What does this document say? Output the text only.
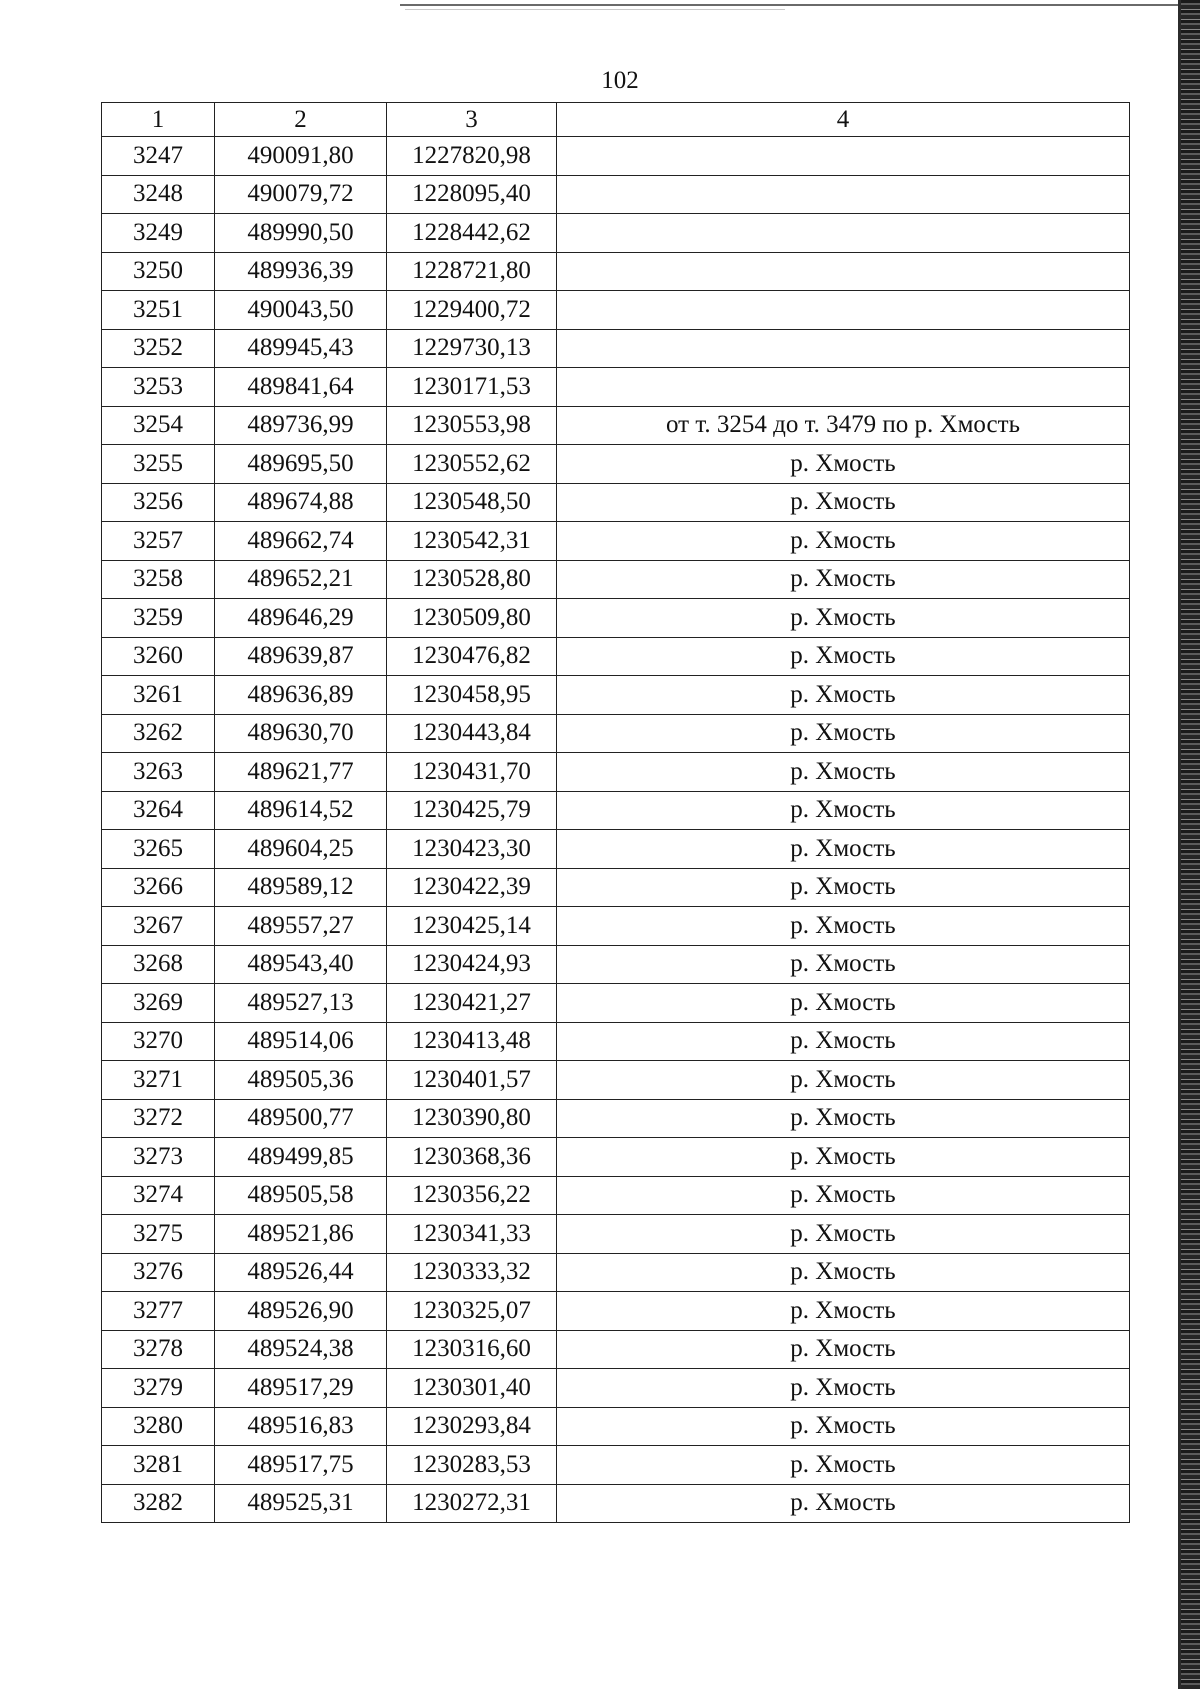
102
1	2	3	4
3247	490091,80	1227820,98	
3248	490079,72	1228095,40	
3249	489990,50	1228442,62	
3250	489936,39	1228721,80	
3251	490043,50	1229400,72	
3252	489945,43	1229730,13	
3253	489841,64	1230171,53	
3254	489736,99	1230553,98	от т. 3254 до т. 3479 по р. Хмость
3255	489695,50	1230552,62	р. Хмость
3256	489674,88	1230548,50	р. Хмость
3257	489662,74	1230542,31	р. Хмость
3258	489652,21	1230528,80	р. Хмость
3259	489646,29	1230509,80	р. Хмость
3260	489639,87	1230476,82	р. Хмость
3261	489636,89	1230458,95	р. Хмость
3262	489630,70	1230443,84	р. Хмость
3263	489621,77	1230431,70	р. Хмость
3264	489614,52	1230425,79	р. Хмость
3265	489604,25	1230423,30	р. Хмость
3266	489589,12	1230422,39	р. Хмость
3267	489557,27	1230425,14	р. Хмость
3268	489543,40	1230424,93	р. Хмость
3269	489527,13	1230421,27	р. Хмость
3270	489514,06	1230413,48	р. Хмость
3271	489505,36	1230401,57	р. Хмость
3272	489500,77	1230390,80	р. Хмость
3273	489499,85	1230368,36	р. Хмость
3274	489505,58	1230356,22	р. Хмость
3275	489521,86	1230341,33	р. Хмость
3276	489526,44	1230333,32	р. Хмость
3277	489526,90	1230325,07	р. Хмость
3278	489524,38	1230316,60	р. Хмость
3279	489517,29	1230301,40	р. Хмость
3280	489516,83	1230293,84	р. Хмость
3281	489517,75	1230283,53	р. Хмость
3282	489525,31	1230272,31	р. Хмость
